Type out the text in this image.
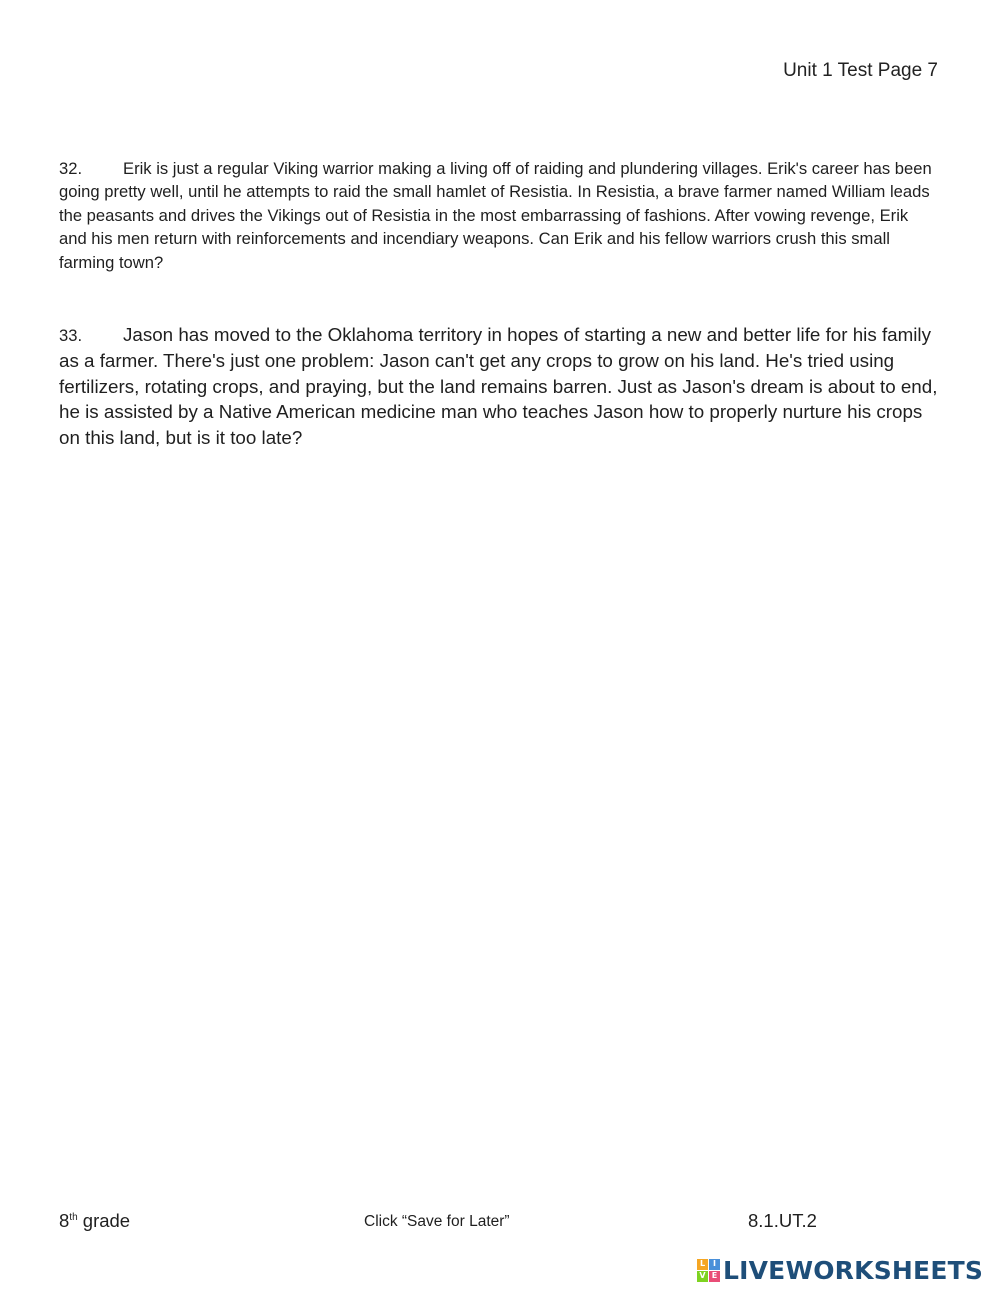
Unit 1 Test Page 7
32. Erik is just a regular Viking warrior making a living off of raiding and plundering villages. Erik's career has been going pretty well, until he attempts to raid the small hamlet of Resistia. In Resistia, a brave farmer named William leads the peasants and drives the Vikings out of Resistia in the most embarrassing of fashions. After vowing revenge, Erik and his men return with reinforcements and incendiary weapons. Can Erik and his fellow warriors crush this small farming town?
33. Jason has moved to the Oklahoma territory in hopes of starting a new and better life for his family as a farmer. There's just one problem: Jason can't get any crops to grow on his land. He's tried using fertilizers, rotating crops, and praying, but the land remains barren. Just as Jason's dream is about to end, he is assisted by a Native American medicine man who teaches Jason how to properly nurture his crops on this land, but is it too late?
8th grade	Click “Save for Later”	8.1.UT.2
L I
V E LIVEWORKSHEETS
